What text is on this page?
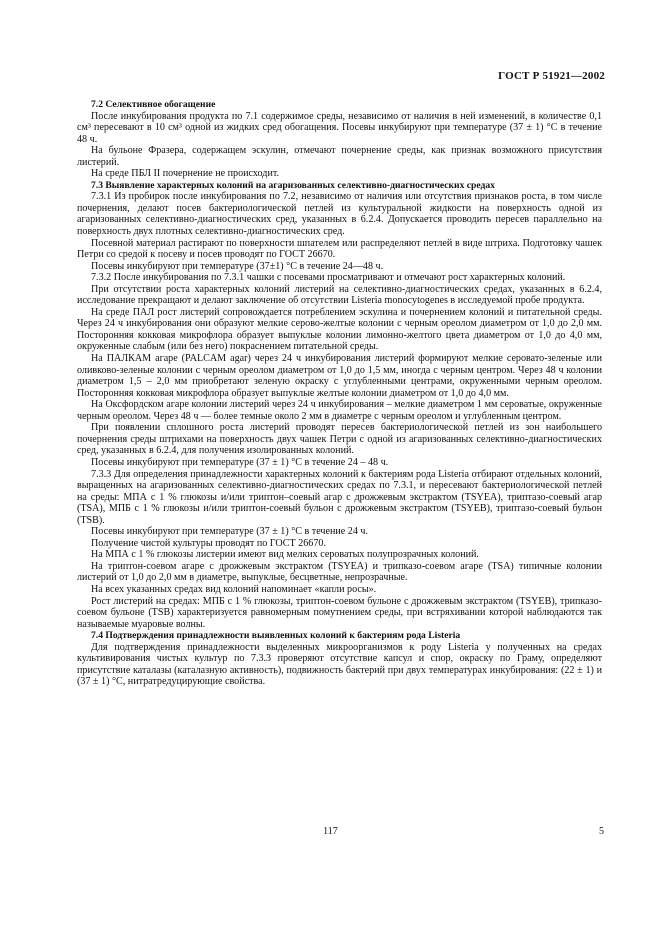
ГОСТ Р 51921—2002

7.2 Селективное обогащение

После инкубирования продукта по 7.1 содержимое среды, независимо от наличия в ней изменений, в количестве 0,1 см³ пересевают в 10 см³ одной из жидких сред обогащения. Посевы инкубируют при температуре (37 ± 1) °С в течение 48 ч.

На бульоне Фразера, содержащем эскулин, отмечают почернение среды, как признак возможного присутствия листерий.

На среде ПБЛ II почернение не происходит.

7.3 Выявление характерных колоний на агаризованных селективно-диагностических средах

7.3.1 Из пробирок после инкубирования по 7.2, независимо от наличия или отсутствия признаков роста, в том числе почернения, делают посев бактериологической петлей из культуральной жидкости на поверхность одной из агаризованных селективно-диагностических сред, указанных в 6.2.4. Допускается проводить пересев параллельно на поверхность двух плотных селективно-диагностических сред.

Посевной материал растирают по поверхности шпателем или распределяют петлей в виде штриха. Подготовку чашек Петри со средой к посеву и посев проводят по ГОСТ 26670.

Посевы инкубируют при температуре (37±1) °С в течение 24—48 ч.

7.3.2 После инкубирования по 7.3.1 чашки с посевами просматривают и отмечают рост характерных колоний.

При отсутствии роста характерных колоний листерий на селективно-диагностических средах, указанных в 6.2.4, исследование прекращают и делают заключение об отсутствии Listeria monocytogenes в исследуемой пробе продукта.

На среде ПАЛ рост листерий сопровождается потреблением эскулина и почернением колоний и питательной среды. Через 24 ч инкубирования они образуют мелкие серово-желтые колонии с черным ореолом диаметром от 1,0 до 2,0 мм. Посторонняя кокковая микрофлора образует выпуклые колонии лимонно-желтого цвета диаметром от 1,0 до 4,0 мм, окруженные слабым (или без него) покраснением питательной среды.

На ПАЛКАМ агаре (PALCAM agar) через 24 ч инкубирования листерий формируют мелкие серовато-зеленые или оливково-зеленые колонии с черным ореолом диаметром от 1,0 до 1,5 мм, иногда с черным центром. Через 48 ч колонии диаметром 1,5 – 2,0 мм приобретают зеленую окраску с углубленными центрами, окруженными черным ореолом. Посторонняя кокковая микрофлора образует выпуклые желтые колонии диаметром от 1,0 до 4,0 мм.

На Оксфордском агаре колонии листерий через 24 ч инкубирования – мелкие диаметром 1 мм сероватые, окруженные черным ореолом. Через 48 ч — более темные около 2 мм в диаметре с черным ореолом и углубленным центром.

При появлении сплошного роста листерий проводят пересев бактериологической петлей из зон наибольшего почернения среды штрихами на поверхность двух чашек Петри с одной из агаризованных селективно-диагностических сред, указанных в 6.2.4, для получения изолированных колоний.

Посевы инкубируют при температуре (37 ± 1) °С в течение 24 – 48 ч.

7.3.3 Для определения принадлежности характерных колоний к бактериям рода Listeria отбирают отдельных колоний, выращенных на агаризованных селективно-диагностических средах по 7.3.1, и пересевают бактериологической петлей на среды: МПА с 1 % глюкозы и/или триптон–соевый агар с дрожжевым экстрактом (TSYEA), триптазо-соевый агар (TSA), МПБ с 1 % глюкозы и/или триптон-соевый бульон с дрожжевым экстрактом (TSYEB), триптазо-соевый бульон (TSB).

Посевы инкубируют при температуре (37 ± 1) °С в течение 24 ч.

Получение чистой культуры проводят по ГОСТ 26670.

На МПА с 1 % глюкозы листерии имеют вид мелких сероватых полупрозрачных колоний.

На триптон-соевом агаре с дрожжевым экстрактом (TSYEA) и трипказо-соевом агаре (TSA) типичные колонии листерий от 1,0 до 2,0 мм в диаметре, выпуклые, бесцветные, непрозрачные.

На всех указанных средах вид колоний напоминает «капли росы».

Рост листерий на средах: МПБ с 1 % глюкозы, триптон-соевом бульоне с дрожжевым экстрактом (TSYEB), трипказо-соевом бульоне (TSB) характеризуется равномерным помутнением среды, при встряхивании которой наблюдаются так называемые муаровые волны.

7.4 Подтверждения принадлежности выявленных колоний к бактериям рода Listeria

Для подтверждения принадлежности выделенных микроорганизмов к роду Listeria у полученных на средах культивирования чистых культур по 7.3.3 проверяют отсутствие капсул и спор, окраску по Граму, определяют присутствие каталазы (каталазную активность), подвижность бактерий при двух температурах инкубирования: (22 ± 1) и (37 ± 1) °С, нитратредуцирующие свойства.

117	5
